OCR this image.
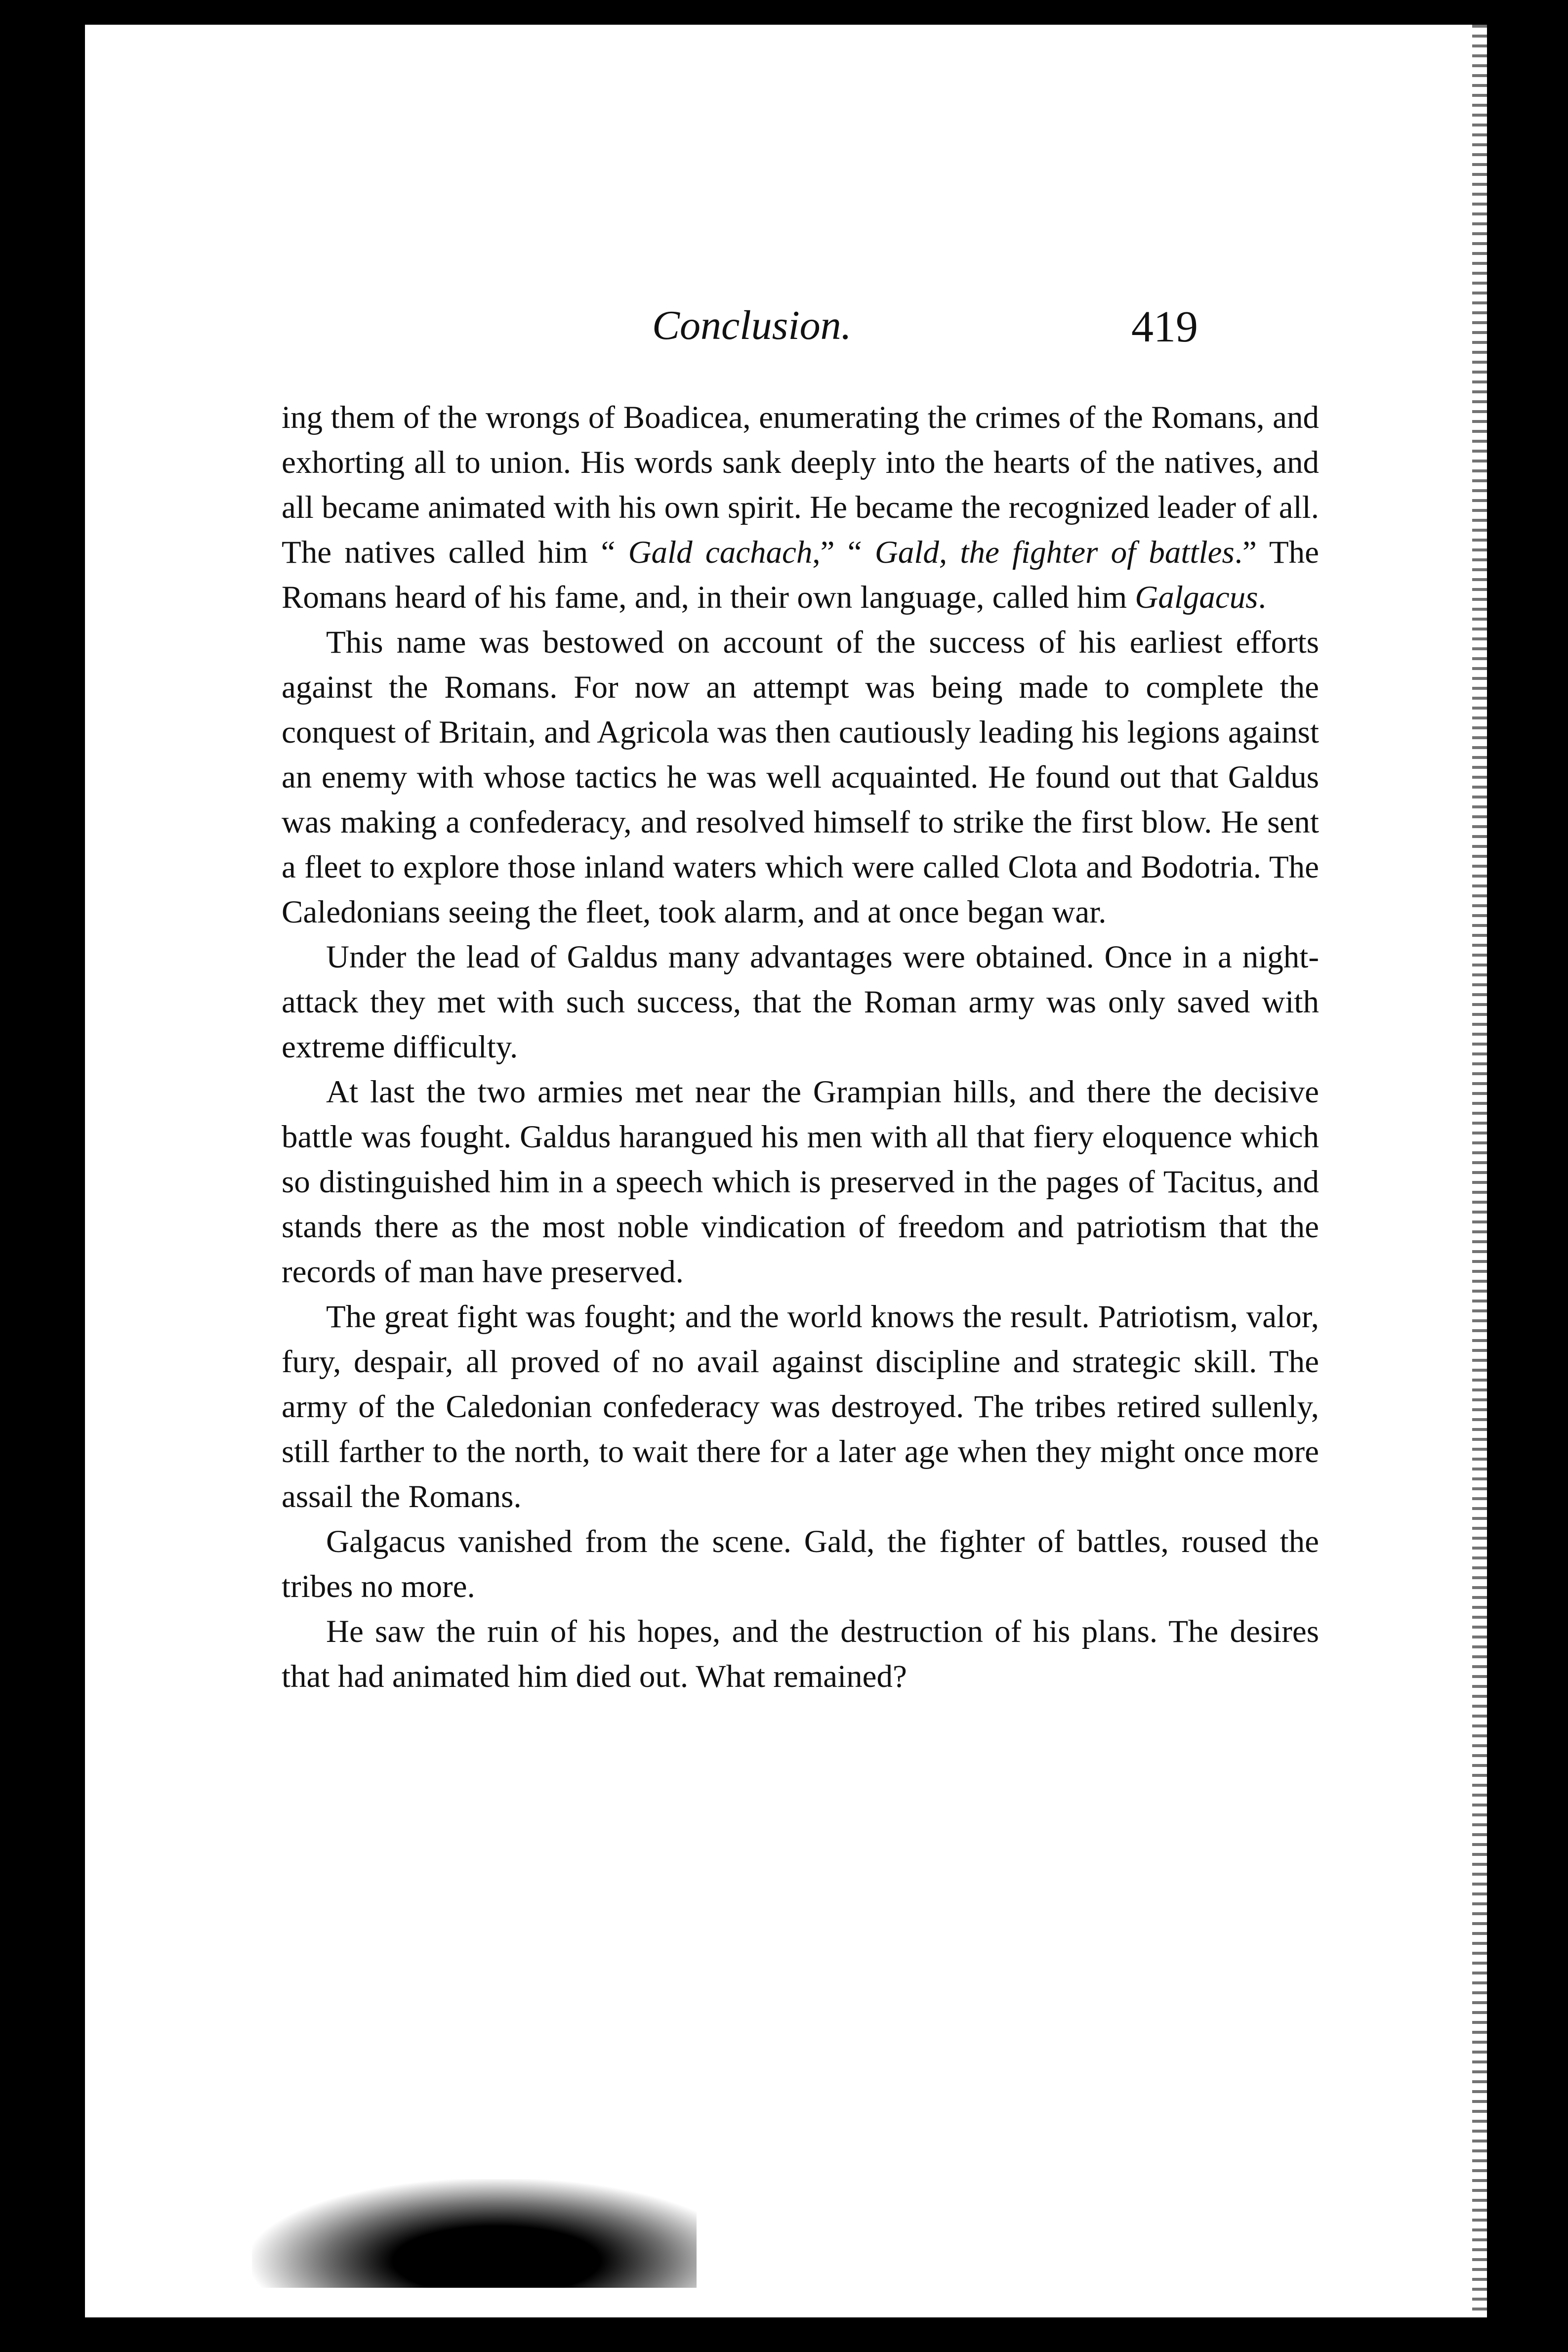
Conclusion.	419

ing them of the wrongs of Boadicea, enumerating the crimes of the Romans, and exhorting all to union. His words sank deeply into the hearts of the natives, and all became animated with his own spirit. He became the recognized leader of all. The natives called him “ Gald cachach,” “ Gald, the fighter of battles.” The Romans heard of his fame, and, in their own language, called him Galgacus.

This name was bestowed on account of the success of his earliest efforts against the Romans. For now an attempt was being made to complete the conquest of Britain, and Agricola was then cautiously leading his legions against an enemy with whose tactics he was well acquainted. He found out that Galdus was making a confederacy, and resolved himself to strike the first blow. He sent a fleet to explore those inland waters which were called Clota and Bodotria. The Caledonians seeing the fleet, took alarm, and at once began war.

Under the lead of Galdus many advantages were obtained. Once in a night-attack they met with such success, that the Roman army was only saved with extreme difficulty.

At last the two armies met near the Grampian hills, and there the decisive battle was fought. Galdus harangued his men with all that fiery eloquence which so distinguished him in a speech which is preserved in the pages of Tacitus, and stands there as the most noble vindication of freedom and patriotism that the records of man have preserved.

The great fight was fought; and the world knows the result. Patriotism, valor, fury, despair, all proved of no avail against discipline and strategic skill. The army of the Caledonian confederacy was destroyed. The tribes retired sullenly, still farther to the north, to wait there for a later age when they might once more assail the Romans.

Galgacus vanished from the scene. Gald, the fighter of battles, roused the tribes no more.

He saw the ruin of his hopes, and the destruction of his plans. The desires that had animated him died out. What remained?
